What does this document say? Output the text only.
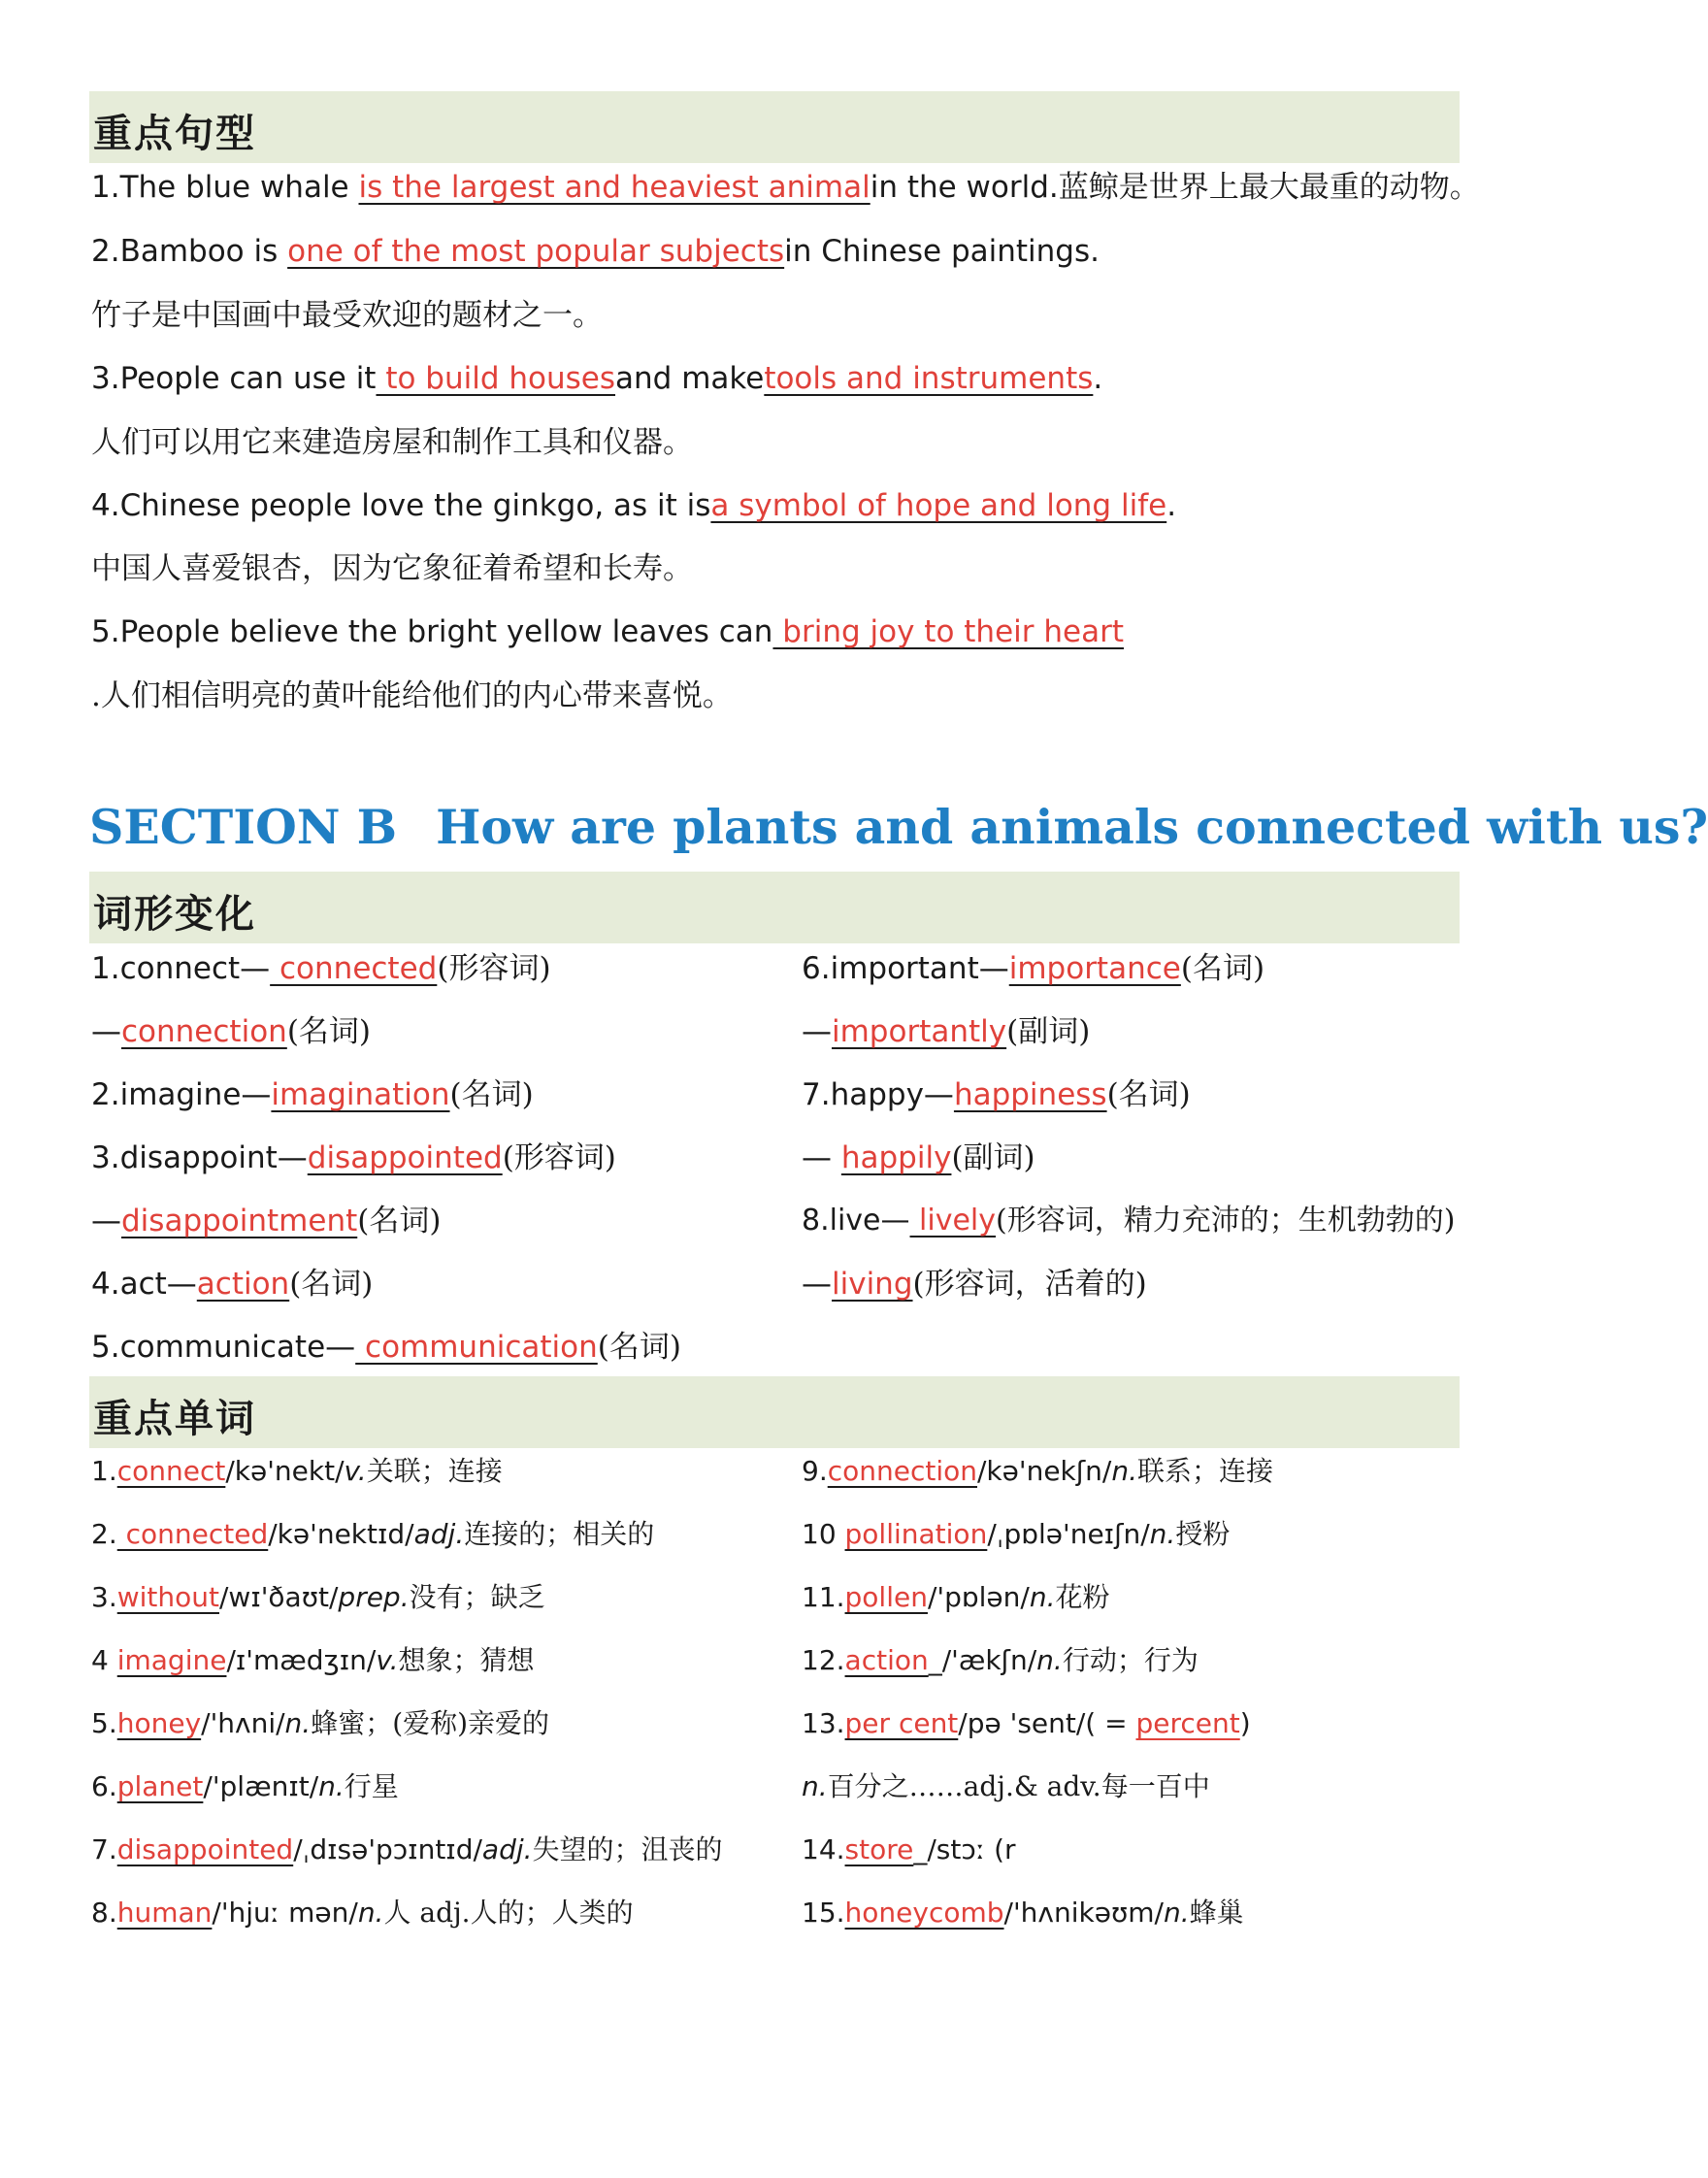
重点句型
1.The blue whale is the largest and heaviest animalin the world.蓝鲸是世界上最大最重的动物。
2.Bamboo is one of the most popular subjectsin Chinese paintings.
竹子是中国画中最受欢迎的题材之一。
3.People can use it to build housesand maketools and instruments.
人们可以用它来建造房屋和制作工具和仪器。
4.Chinese people love the ginkgo, as it isa symbol of hope and long life.
中国人喜爱银杏，因为它象征着希望和长寿。
5.People believe the bright yellow leaves can bring joy to their heart
.人们相信明亮的黄叶能给他们的内心带来喜悦。
SECTION B How are plants and animals connected with us?
词形变化
1.connect— connected(形容词)
—connection(名词)
2.imagine—imagination(名词)
3.disappoint—disappointed(形容词)
—disappointment(名词)
4.act—action(名词)
5.communicate— communication(名词)
6.important—importance(名词)
—importantly(副词)
7.happy—happiness(名词)
— happily(副词)
8.live— lively(形容词，精力充沛的；生机勃勃的)
—living(形容词，活着的)
重点单词
1.connect/kə'nekt/v.关联；连接
2. connected/kə'nektɪd/adj.连接的；相关的
3.without/wɪ'ðaʊt/prep.没有；缺乏
4 imagine/ɪ'mædʒɪn/v.想象；猜想
5.honey/'hʌni/n.蜂蜜；(爱称)亲爱的
6.planet/'plænɪt/n.行星
7.disappointed/ˌdɪsə'pɔɪntɪd/adj.失望的；沮丧的
8.human/'hjuː mən/n.人 adj.人的；人类的
9.connection/kə'nekʃn/n.联系；连接
10 pollination/ˌpɒlə'neɪʃn/n.授粉
11.pollen/'pɒlən/n.花粉
12.action_/'ækʃn/n.行动；行为
13.per cent/pə 'sent/( = percent)
n.百分之……adj.& adv.每一百中
14.store_/stɔː (r
15.honeycomb/'hʌnikəʊm/n.蜂巢
